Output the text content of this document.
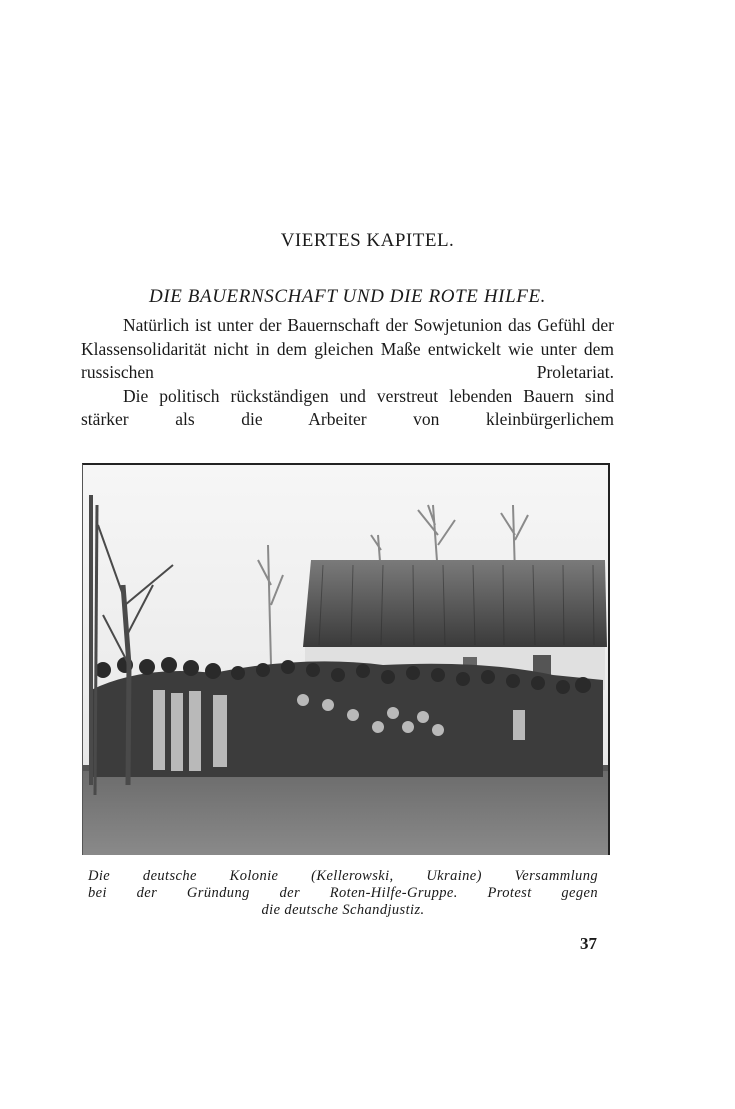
VIERTES KAPITEL.
DIE BAUERNSCHAFT UND DIE ROTE HILFE.

Natürlich ist unter der Bauernschaft der Sowjetunion das Gefühl der Klassensolidarität nicht in dem gleichen Maße entwickelt wie unter dem russischen Proletariat.

Die politisch rückständigen und verstreut lebenden Bauern sind stärker als die Arbeiter von kleinbürgerlichem

Die deutsche Kolonie (Kellerowski, Ukraine) Versammlung
bei der Gründung der Roten-Hilfe-Gruppe. Protest gegen
die deutsche Schandjustiz.
37
